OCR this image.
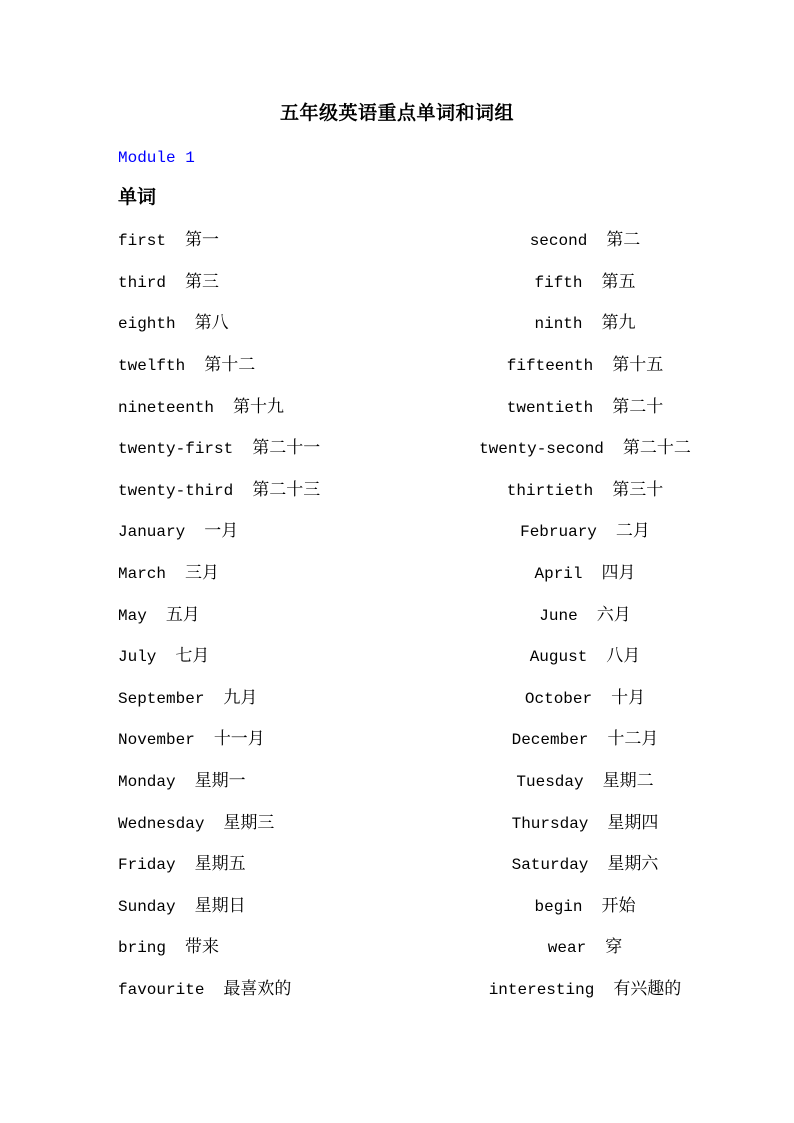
五年级英语重点单词和词组
Module 1
单词
first 第一	second 第二
third 第三	fifth 第五
eighth 第八	ninth 第九
twelfth 第十二	fifteenth 第十五
nineteenth 第十九	twentieth 第二十
twenty-first 第二十一	twenty-second 第二十二
twenty-third 第二十三	thirtieth 第三十
January 一月	February 二月
March 三月	April 四月
May 五月	June 六月
July 七月	August 八月
September 九月	October 十月
November 十一月	December 十二月
Monday 星期一	Tuesday 星期二
Wednesday 星期三	Thursday 星期四
Friday 星期五	Saturday 星期六
Sunday 星期日	begin 开始
bring 带来	wear 穿
favourite 最喜欢的	interesting 有兴趣的
